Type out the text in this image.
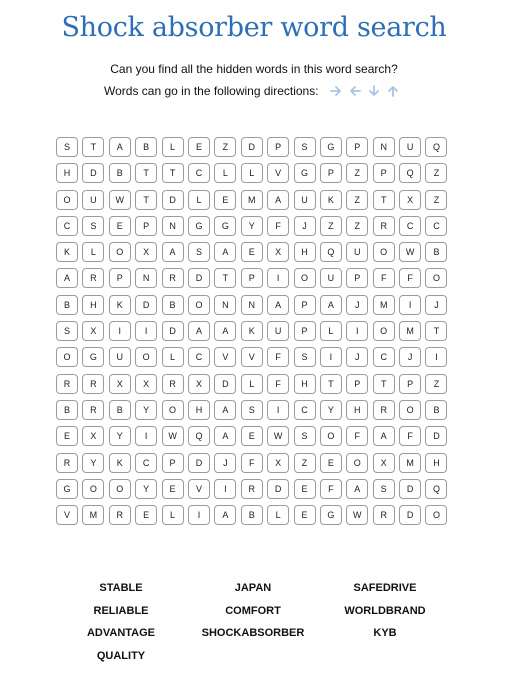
Shock absorber word search
Can you find all the hidden words in this word search?
Words can go in the following directions:
S	T	A	B	L	E	Z	D	P	S	G	P	N	U	Q
H	D	B	T	T	C	L	L	V	G	P	Z	P	Q	Z
O	U	W	T	D	L	E	M	A	U	K	Z	T	X	Z
C	S	E	P	N	G	G	Y	F	J	Z	Z	R	C	C
K	L	O	X	A	S	A	E	X	H	Q	U	O	W	B
A	R	P	N	R	D	T	P	I	O	U	P	F	F	O
B	H	K	D	B	O	N	N	A	P	A	J	M	I	J
S	X	I	I	D	A	A	K	U	P	L	I	O	M	T
O	G	U	O	L	C	V	V	F	S	I	J	C	J	I
R	R	X	X	R	X	D	L	F	H	T	P	T	P	Z
B	R	B	Y	O	H	A	S	I	C	Y	H	R	O	B
E	X	Y	I	W	Q	A	E	W	S	O	F	A	F	D
R	Y	K	C	P	D	J	F	X	Z	E	O	X	M	H
G	O	O	Y	E	V	I	R	D	E	F	A	S	D	Q
V	M	R	E	L	I	A	B	L	E	G	W	R	D	O
STABLE	JAPAN	SAFEDRIVE
RELIABLE	COMFORT	WORLDBRAND
ADVANTAGE	SHOCKABSORBER	KYB
QUALITY
